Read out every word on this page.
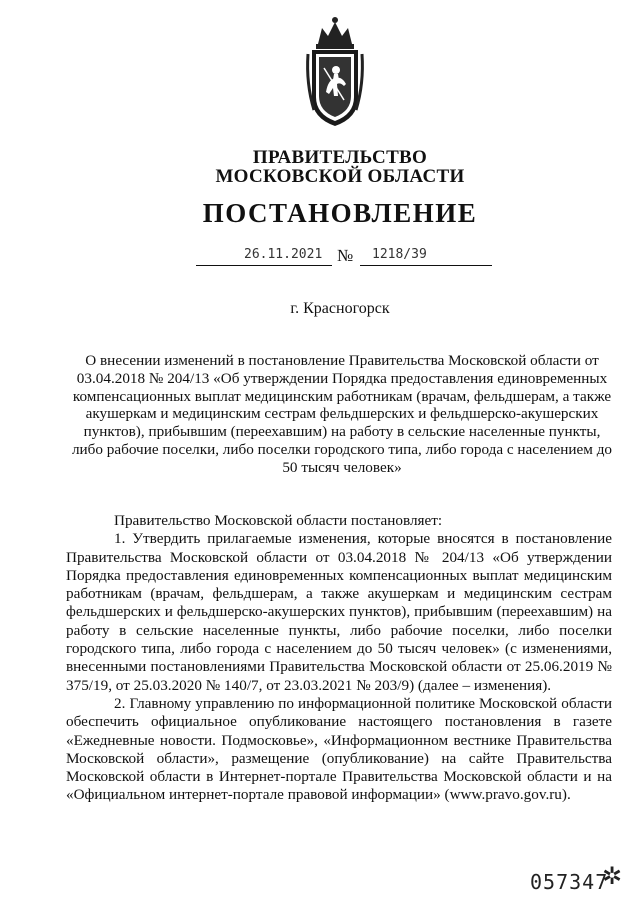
ПРАВИТЕЛЬСТВО
МОСКОВСКОЙ ОБЛАСТИ
ПОСТАНОВЛЕНИЕ
26.11.2021 № 1218/39
г. Красногорск
О внесении изменений в постановление Правительства Московской области от 03.04.2018 № 204/13 «Об утверждении Порядка предоставления единовременных компенсационных выплат медицинским работникам (врачам, фельдшерам, а также акушеркам и медицинским сестрам фельдшерских и фельдшерско-акушерских пунктов), прибывшим (переехавшим) на работу в сельские населенные пункты, либо рабочие поселки, либо поселки городского типа, либо города с населением до 50 тысяч человек»

Правительство Московской области постановляет:

1. Утвердить прилагаемые изменения, которые вносятся в постановление Правительства Московской области от 03.04.2018 № 204/13 «Об утверждении Порядка предоставления единовременных компенсационных выплат медицинским работникам (врачам, фельдшерам, а также акушеркам и медицинским сестрам фельдшерских и фельдшерско-акушерских пунктов), прибывшим (переехавшим) на работу в сельские населенные пункты, либо рабочие поселки, либо поселки городского типа, либо города с населением до 50 тысяч человек» (с изменениями, внесенными постановлениями Правительства Московской области от 25.06.2019 № 375/19, от 25.03.2020 № 140/7, от 23.03.2021 № 203/9) (далее – изменения).

2. Главному управлению по информационной политике Московской области обеспечить официальное опубликование настоящего постановления в газете «Ежедневные новости. Подмосковье», «Информационном вестнике Правительства Московской области», размещение (опубликование) на сайте Правительства Московской области в Интернет-портале Правительства Московской области и на «Официальном интернет-портале правовой информации» (www.pravo.gov.ru).

057347
✲
